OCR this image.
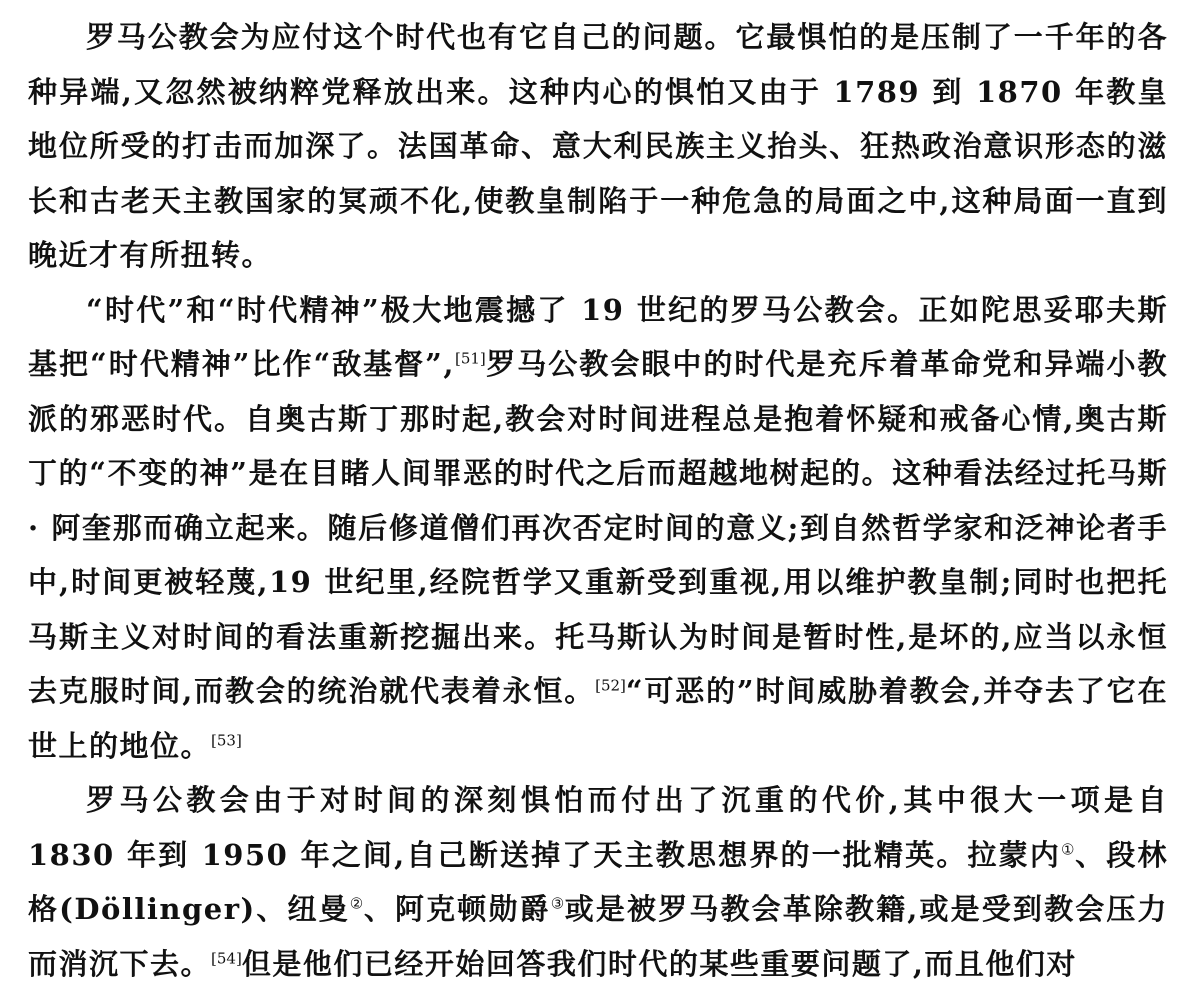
罗马公教会为应付这个时代也有它自己的问题。它最惧怕的是压制了一千年的各种异端,又忽然被纳粹党释放出来。这种内心的惧怕又由于 1789 到 1870 年教皇地位所受的打击而加深了。法国革命、意大利民族主义抬头、狂热政治意识形态的滋长和古老天主教国家的冥顽不化,使教皇制陷于一种危急的局面之中,这种局面一直到晚近才有所扭转。

“时代”和“时代精神”极大地震撼了 19 世纪的罗马公教会。正如陀思妥耶夫斯基把“时代精神”比作“敌基督”,[51]罗马公教会眼中的时代是充斥着革命党和异端小教派的邪恶时代。自奥古斯丁那时起,教会对时间进程总是抱着怀疑和戒备心情,奥古斯丁的“不变的神”是在目睹人间罪恶的时代之后而超越地树起的。这种看法经过托马斯 · 阿奎那而确立起来。随后修道僧们再次否定时间的意义;到自然哲学家和泛神论者手中,时间更被轻蔑,19 世纪里,经院哲学又重新受到重视,用以维护教皇制;同时也把托马斯主义对时间的看法重新挖掘出来。托马斯认为时间是暂时性,是坏的,应当以永恒去克服时间,而教会的统治就代表着永恒。[52]“可恶的”时间威胁着教会,并夺去了它在世上的地位。[53]

罗马公教会由于对时间的深刻惧怕而付出了沉重的代价,其中很大一项是自 1830 年到 1950 年之间,自己断送掉了天主教思想界的一批精英。拉蒙内①、段林格(Döllinger)、纽曼②、阿克顿勋爵③或是被罗马教会革除教籍,或是受到教会压力而消沉下去。[54]但是他们已经开始回答我们时代的某些重要问题了,而且他们对
